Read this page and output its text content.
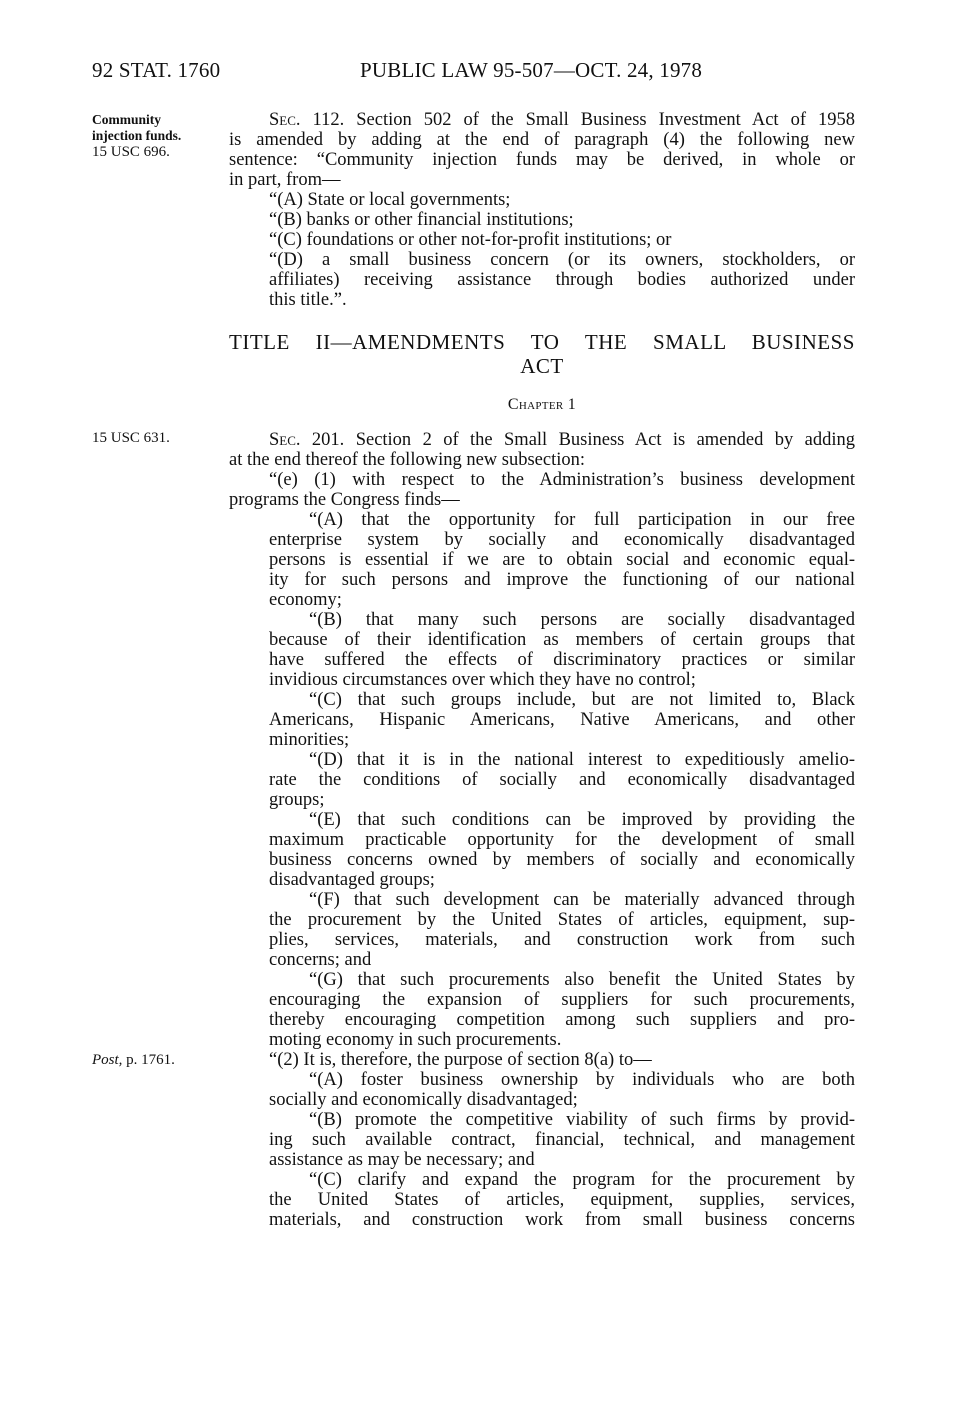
92 STAT. 1760	PUBLIC LAW 95-507—OCT. 24, 1978
Community
injection funds.
15 USC 696.
15 USC 631.
Post, p. 1761.
Sec. 112. Section 502 of the Small Business Investment Act of 1958
is amended by adding at the end of paragraph (4) the following new
sentence: “Community injection funds may be derived, in whole or
in part, from—
“(A) State or local governments;
“(B) banks or other financial institutions;
“(C) foundations or other not-for-profit institutions; or
“(D) a small business concern (or its owners, stockholders, or
affiliates) receiving assistance through bodies authorized under
this title.”.
TITLE II—AMENDMENTS TO THE SMALL BUSINESS
ACT
Chapter 1
Sec. 201. Section 2 of the Small Business Act is amended by adding
at the end thereof the following new subsection:
“(e) (1) with respect to the Administration’s business development
programs the Congress finds—
“(A) that the opportunity for full participation in our free
enterprise system by socially and economically disadvantaged
persons is essential if we are to obtain social and economic equal-
ity for such persons and improve the functioning of our national
economy;
“(B) that many such persons are socially disadvantaged
because of their identification as members of certain groups that
have suffered the effects of discriminatory practices or similar
invidious circumstances over which they have no control;
“(C) that such groups include, but are not limited to, Black
Americans, Hispanic Americans, Native Americans, and other
minorities;
“(D) that it is in the national interest to expeditiously amelio-
rate the conditions of socially and economically disadvantaged
groups;
“(E) that such conditions can be improved by providing the
maximum practicable opportunity for the development of small
business concerns owned by members of socially and economically
disadvantaged groups;
“(F) that such development can be materially advanced through
the procurement by the United States of articles, equipment, sup-
plies, services, materials, and construction work from such
concerns; and
“(G) that such procurements also benefit the United States by
encouraging the expansion of suppliers for such procurements,
thereby encouraging competition among such suppliers and pro-
moting economy in such procurements.
“(2) It is, therefore, the purpose of section 8(a) to—
“(A) foster business ownership by individuals who are both
socially and economically disadvantaged;
“(B) promote the competitive viability of such firms by provid-
ing such available contract, financial, technical, and management
assistance as may be necessary; and
“(C) clarify and expand the program for the procurement by
the United States of articles, equipment, supplies, services,
materials, and construction work from small business concerns
